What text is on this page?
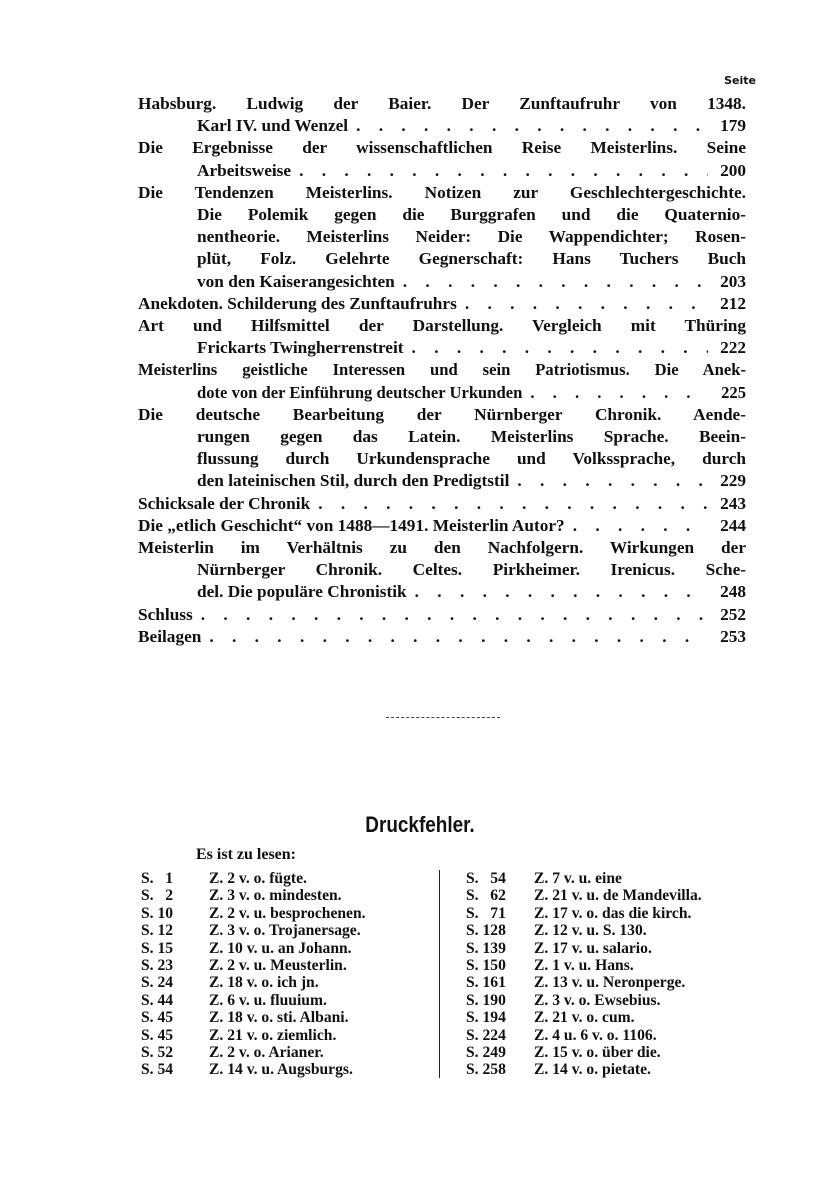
Seite
Habsburg. Ludwig der Baier. Der Zunftaufruhr von 1348.
Karl IV. und Wenzel . . .	179
Die Ergebnisse der wissenschaftlichen Reise Meisterlins. Seine
Arbeitsweise . . .	200
Die Tendenzen Meisterlins. Notizen zur Geschlechtergeschichte.
Die Polemik gegen die Burggrafen und die Quaternio-
nentheorie. Meisterlins Neider: Die Wappendichter; Rosen-
plüt, Folz. Gelehrte Gegnerschaft: Hans Tuchers Buch
von den Kaiserangesichten . . .	203
Anekdoten. Schilderung des Zunftaufruhrs . . .	212
Art und Hilfsmittel der Darstellung. Vergleich mit Thüring
Frickarts Twingherrenstreit . . .	222
Meisterlins geistliche Interessen und sein Patriotismus. Die Anek-
dote von der Einführung deutscher Urkunden . . .	225
Die deutsche Bearbeitung der Nürnberger Chronik. Aende-
rungen gegen das Latein. Meisterlins Sprache. Beein-
flussung durch Urkundensprache und Volkssprache, durch
den lateinischen Stil, durch den Predigtstil . . .	229
Schicksale der Chronik . . .	243
Die „etlich Geschicht“ von 1488—1491. Meisterlin Autor? . . .	244
Meisterlin im Verhältnis zu den Nachfolgern. Wirkungen der
Nürnberger Chronik. Celtes. Pirkheimer. Irenicus. Sche-
del. Die populäre Chronistik . . .	248
Schluss . . .	252
Beilagen . . .	253
Druckfehler.
Es ist zu lesen:
S.   1	Z. 2 v. o. fügte.
S.   2	Z. 3 v. o. mindesten.
S. 10	Z. 2 v. u. besprochenen.
S. 12	Z. 3 v. o. Trojanersage.
S. 15	Z. 10 v. u. an Johann.
S. 23	Z. 2 v. u. Meusterlin.
S. 24	Z. 18 v. o. ich jn.
S. 44	Z. 6 v. u. fluuium.
S. 45	Z. 18 v. o. sti. Albani.
S. 45	Z. 21 v. o. ziemlich.
S. 52	Z. 2 v. o. Arianer.
S. 54	Z. 14 v. u. Augsburgs.
S.   54	Z. 7 v. u. eine
S.   62	Z. 21 v. u. de Mandevilla.
S.   71	Z. 17 v. o. das die kirch.
S. 128	Z. 12 v. u. S. 130.
S. 139	Z. 17 v. u. salario.
S. 150	Z. 1 v. u. Hans.
S. 161	Z. 13 v. u. Neronperge.
S. 190	Z. 3 v. o. Ewsebius.
S. 194	Z. 21 v. o. cum.
S. 224	Z. 4 u. 6 v. o. 1106.
S. 249	Z. 15 v. o. über die.
S. 258	Z. 14 v. o. pietate.
